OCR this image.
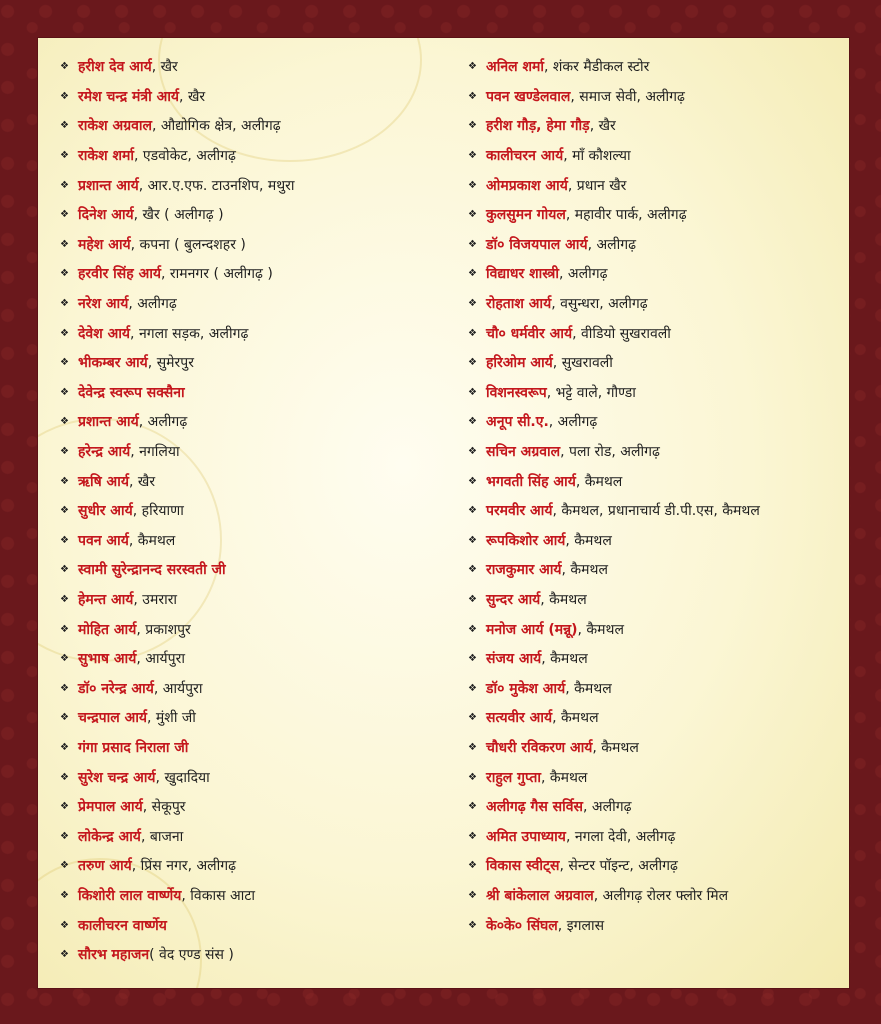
❖ हरीश देव आर्य , खैर
❖ रमेश चन्द्र मंत्री आर्य , खैर
❖ राकेश अग्रवाल , औद्योगिक क्षेत्र, अलीगढ़
❖ राकेश शर्मा , एडवोकेट, अलीगढ़
❖ प्रशान्त आर्य , आर.ए.एफ. टाउनशिप, मथुरा
❖ दिनेश आर्य , खैर ( अलीगढ़ )
❖ महेश आर्य , कपना ( बुलन्दशहर )
❖ हरवीर सिंह आर्य , रामनगर ( अलीगढ़ )
❖ नरेश आर्य , अलीगढ़
❖ देवेश आर्य , नगला सड़क, अलीगढ़
❖ भीकम्बर आर्य , सुमेरपुर
❖ देवेन्द्र स्वरूप सक्सैना
❖ प्रशान्त आर्य , अलीगढ़
❖ हरेन्द्र आर्य , नगलिया
❖ ऋषि आर्य , खैर
❖ सुधीर आर्य , हरियाणा
❖ पवन आर्य , कैमथल
❖ स्वामी सुरेन्द्रानन्द सरस्वती जी
❖ हेमन्त आर्य , उमरारा
❖ मोहित आर्य , प्रकाशपुर
❖ सुभाष आर्य , आर्यपुरा
❖ डॉ० नरेन्द्र आर्य , आर्यपुरा
❖ चन्द्रपाल आर्य , मुंशी जी
❖ गंगा प्रसाद निराला जी
❖ सुरेश चन्द्र आर्य , खुदादिया
❖ प्रेमपाल आर्य , सेकूपुर
❖ लोकेन्द्र आर्य , बाजना
❖ तरुण आर्य , प्रिंस नगर, अलीगढ़
❖ किशोरी लाल वार्ष्णेय , विकास आटा
❖ कालीचरन वार्ष्णेय
❖ सौरभ महाजन ( वेद एण्ड संस )
❖ अनिल शर्मा , शंकर मैडीकल स्टोर
❖ पवन खण्डेलवाल , समाज सेवी, अलीगढ़
❖ हरीश गौड़, हेमा गौड़ , खैर
❖ कालीचरन आर्य , माँ कौशल्या
❖ ओमप्रकाश आर्य , प्रधान खैर
❖ कुलसुमन गोयल , महावीर पार्क, अलीगढ़
❖ डॉ० विजयपाल आर्य , अलीगढ़
❖ विद्याधर शास्त्री , अलीगढ़
❖ रोहताश आर्य , वसुन्धरा, अलीगढ़
❖ चौ० धर्मवीर आर्य , वीडियो सुखरावली
❖ हरिओम आर्य , सुखरावली
❖ विशनस्वरूप , भट्टे वाले, गौण्डा
❖ अनूप सी.ए. , अलीगढ़
❖ सचिन अग्रवाल , पला रोड, अलीगढ़
❖ भगवती सिंह आर्य , कैमथल
❖ परमवीर आर्य , कैमथल, प्रधानाचार्य डी.पी.एस, कैमथल
❖ रूपकिशोर आर्य , कैमथल
❖ राजकुमार आर्य , कैमथल
❖ सुन्दर आर्य , कैमथल
❖ मनोज आर्य (मन्नू) , कैमथल
❖ संजय आर्य , कैमथल
❖ डॉ० मुकेश आर्य , कैमथल
❖ सत्यवीर आर्य , कैमथल
❖ चौधरी रविकरण आर्य , कैमथल
❖ राहुल गुप्ता , कैमथल
❖ अलीगढ़ गैस सर्विस , अलीगढ़
❖ अमित उपाध्याय , नगला देवी, अलीगढ़
❖ विकास स्वीट्स , सेन्टर पॉइन्ट, अलीगढ़
❖ श्री बांकेलाल अग्रवाल , अलीगढ़ रोलर फ्लोर मिल
❖ के०के० सिंघल , इगलास
